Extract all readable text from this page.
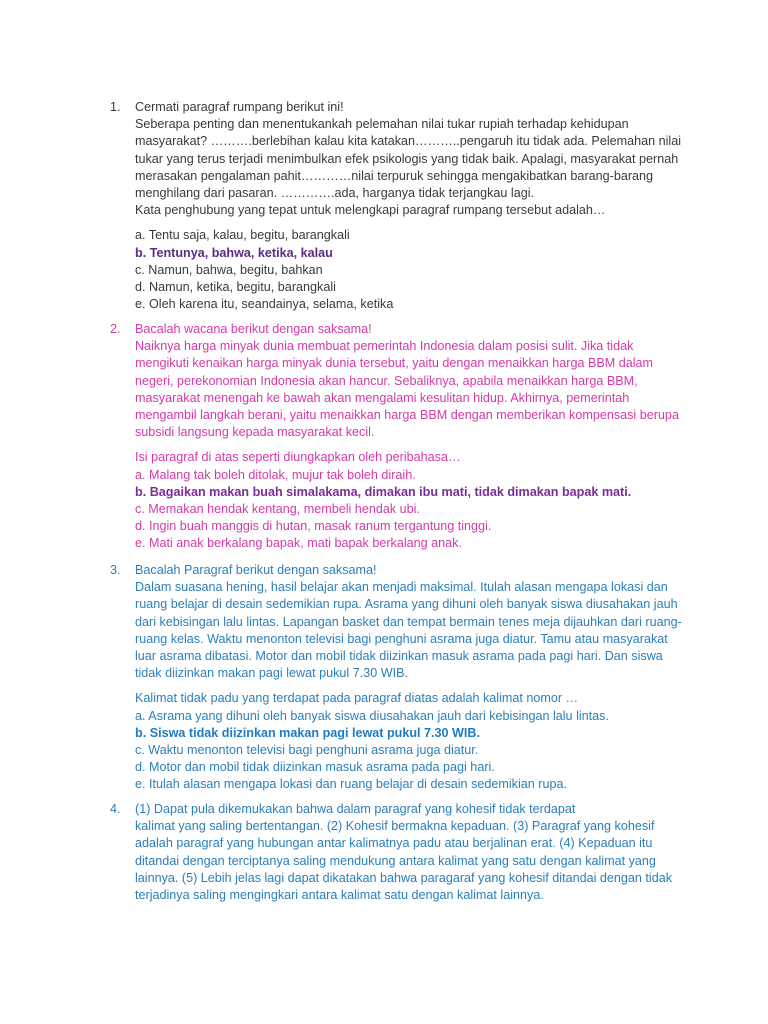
1.	Cermati paragraf rumpang berikut ini!

Seberapa penting dan menentukankah pelemahan nilai tukar rupiah terhadap kehidupan

masyarakat? ……….berlebihan kalau kita katakan………..pengaruh itu tidak ada. Pelemahan nilai

tukar yang terus terjadi menimbulkan efek psikologis yang tidak baik. Apalagi, masyarakat pernah

merasakan pengalaman pahit…………nilai terpuruk sehingga mengakibatkan barang-barang

menghilang dari pasaran. ………….ada, harganya tidak terjangkau lagi.

Kata penghubung yang tepat untuk melengkapi paragraf rumpang tersebut adalah…

a. Tentu saja, kalau, begitu, barangkali
b. Tentunya, bahwa, ketika, kalau
c. Namun, bahwa, begitu, bahkan
d. Namun, ketika, begitu, barangkali
e. Oleh karena itu, seandainya, selama, ketika
2.	Bacalah wacana berikut dengan saksama!

Naiknya harga minyak dunia membuat pemerintah Indonesia dalam posisi sulit. Jika tidak

mengikuti kenaikan harga minyak dunia tersebut, yaitu dengan menaikkan harga BBM dalam

negeri, perekonomian Indonesia akan hancur. Sebaliknya, apabila menaikkan harga BBM,

masyarakat menengah ke bawah akan mengalami kesulitan hidup. Akhirnya, pemerintah

mengambil langkah berani, yaitu menaikkan harga BBM dengan memberikan kompensasi berupa

subsidi langsung kepada masyarakat kecil.

Isi paragraf di atas seperti diungkapkan oleh peribahasa…
a. Malang tak boleh ditolak, mujur tak boleh diraih.
b. Bagaikan makan buah simalakama, dimakan ibu mati, tidak dimakan bapak mati.
c. Memakan hendak kentang, membeli hendak ubi.
d. Ingin buah manggis di hutan, masak ranum tergantung tinggi.
e. Mati anak berkalang bapak, mati bapak berkalang anak.
3.	Bacalah Paragraf berikut dengan saksama!

Dalam suasana hening, hasil belajar akan menjadi maksimal. Itulah alasan mengapa lokasi dan

ruang belajar di desain sedemikian rupa. Asrama yang dihuni oleh banyak siswa diusahakan jauh

dari kebisingan lalu lintas. Lapangan basket dan tempat bermain tenes meja dijauhkan dari ruang-

ruang kelas. Waktu menonton televisi bagi penghuni asrama juga diatur. Tamu atau masyarakat

luar asrama dibatasi. Motor dan mobil tidak diizinkan masuk asrama pada pagi hari. Dan siswa

tidak diizinkan makan pagi lewat pukul 7.30 WIB.

Kalimat tidak padu yang terdapat pada paragraf diatas adalah kalimat nomor …
a. Asrama yang dihuni oleh banyak siswa diusahakan jauh dari kebisingan lalu lintas.
b. Siswa tidak diizinkan makan pagi lewat pukul 7.30 WIB.
c. Waktu menonton televisi bagi penghuni asrama juga diatur.
d. Motor dan mobil tidak diizinkan masuk asrama pada pagi hari.
e. Itulah alasan mengapa lokasi dan ruang belajar di desain sedemikian rupa.
4.	(1) Dapat pula dikemukakan bahwa dalam paragraf yang kohesif tidak terdapat

kalimat yang saling bertentangan. (2) Kohesif bermakna kepaduan. (3) Paragraf yang kohesif

adalah paragraf yang hubungan antar kalimatnya padu atau berjalinan erat. (4) Kepaduan itu

ditandai dengan terciptanya saling mendukung antara kalimat yang satu dengan kalimat yang

lainnya. (5) Lebih jelas lagi dapat dikatakan bahwa paragaraf yang kohesif ditandai dengan tidak

terjadinya saling mengingkari antara kalimat satu dengan kalimat lainnya.
